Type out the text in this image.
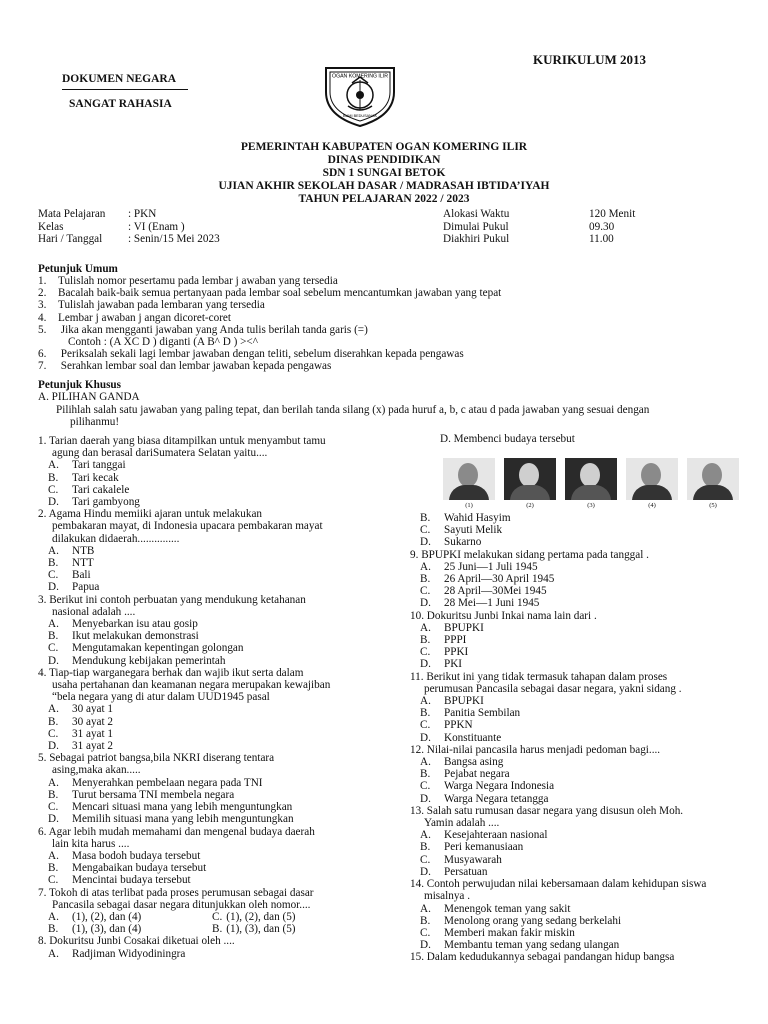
KURIKULUM 2013
DOKUMEN NEGARA
SANGAT RAHASIA
OGAN KOMERING ILIR
BUMI BEDUSANAK
PEMERINTAH KABUPATEN OGAN KOMERING ILIR
DINAS PENDIDIKAN
SDN 1 SUNGAI BETOK
UJIAN AKHIR SEKOLAH DASAR / MADRASAH IBTIDA’IYAH
TAHUN PELAJARAN 2022 / 2023
Mata Pelajaran	: PKN
Kelas	: VI (Enam )
Hari / Tanggal	: Senin/15 Mei 2023
Alokasi Waktu	120 Menit
Dimulai Pukul	09.30
Diakhiri Pukul	11.00
Petunjuk Umum
1. Tulislah nomor pesertamu pada lembar j awaban yang tersedia
2. Bacalah baik-baik semua pertanyaan pada lembar soal sebelum mencantumkan jawaban yang tepat
3. Tulislah jawaban pada lembaran yang tersedia
4. Lembar j awaban j angan dicoret-coret
5. Jika akan mengganti jawaban yang Anda tulis berilah tanda garis (=)
Contoh : (A XC D ) diganti (A B^ D ) ><^
6. Periksalah sekali lagi lembar jawaban dengan teliti, sebelum diserahkan kepada pengawas
7. Serahkan lembar soal dan lembar jawaban kepada pengawas
Petunjuk Khusus
A. PILIHAN GANDA
Pilihlah salah satu jawaban yang paling tepat, dan berilah tanda silang (x) pada huruf a, b, c atau d pada jawaban yang sesuai dengan
pilihanmu!
1. Tarian daerah yang biasa ditampilkan untuk menyambut tamu
agung dan berasal dariSumatera Selatan yaitu....
A. Tari tanggai
B. Tari kecak
C. Tari cakalele
D. Tari gambyong
2. Agama Hindu memiiki ajaran untuk melakukan
pembakaran mayat, di Indonesia upacara pembakaran mayat
dilakukan didaerah...............
A. NTB
B. NTT
C. Bali
D. Papua
3. Berikut ini contoh perbuatan yang mendukung ketahanan
nasional adalah ....
A. Menyebarkan isu atau gosip
B. Ikut melakukan demonstrasi
C. Mengutamakan kepentingan golongan
D. Mendukung kebijakan pemerintah
4. Tiap-tiap warganegara berhak dan wajib ikut serta dalam
usaha pertahanan dan keamanan negara merupakan kewajiban
“bela negara yang di atur dalam UUD1945 pasal
A. 30 ayat 1
B. 30 ayat 2
C. 31 ayat 1
D. 31 ayat 2
5. Sebagai patriot bangsa,bila NKRI diserang tentara
asing,maka akan.....
A. Menyerahkan pembelaan negara pada TNI
B. Turut bersama TNI membela negara
C. Mencari situasi mana yang lebih menguntungkan
D. Memilih situasi mana yang lebih menguntungkan
6. Agar lebih mudah memahami dan mengenal budaya daerah
lain kita harus ....
A. Masa bodoh budaya tersebut
B. Mengabaikan budaya tersebut
C. Mencintai budaya tersebut
7. Tokoh di atas terlibat pada proses perumusan sebagai dasar
Pancasila sebagai dasar negara ditunjukkan oleh nomor....
A. (1), (2), dan (4)	C. (1), (2), dan (5)
B. (1), (3), dan (4)	B. (1), (3), dan (5)
8. Dokuritsu Junbi Cosakai diketuai oleh ....
A. Radjiman Widyodiningra
D. Membenci budaya tersebut
(1)	(2)	(3)	(4)	(5)
B. Wahid Hasyim
C. Sayuti Melik
D. Sukarno
9. BPUPKI melakukan sidang pertama pada tanggal .
A. 25 Juni—1 Juli 1945
B. 26 April—30 April 1945
C. 28 April—30Mei 1945
D. 28 Mei—1 Juni 1945
10. Dokuritsu Junbi Inkai nama lain dari .
A. BPUPKI
B. PPPI
C. PPKI
D. PKI
11. Berikut ini yang tidak termasuk tahapan dalam proses
perumusan Pancasila sebagai dasar negara, yakni sidang .
A. BPUPKI
B. Panitia Sembilan
C. PPKN
D. Konstituante
12. Nilai-nilai pancasila harus menjadi pedoman bagi....
A. Bangsa asing
B. Pejabat negara
C. Warga Negara Indonesia
D. Warga Negara tetangga
13. Salah satu rumusan dasar negara yang disusun oleh Moh.
Yamin adalah ....
A. Kesejahteraan nasional
B. Peri kemanusiaan
C. Musyawarah
D. Persatuan
14. Contoh perwujudan nilai kebersamaan dalam kehidupan siswa
misalnya .
A. Menengok teman yang sakit
B. Menolong orang yang sedang berkelahi
C. Memberi makan fakir miskin
D. Membantu teman yang sedang ulangan
15. Dalam kedudukannya sebagai pandangan hidup bangsa
